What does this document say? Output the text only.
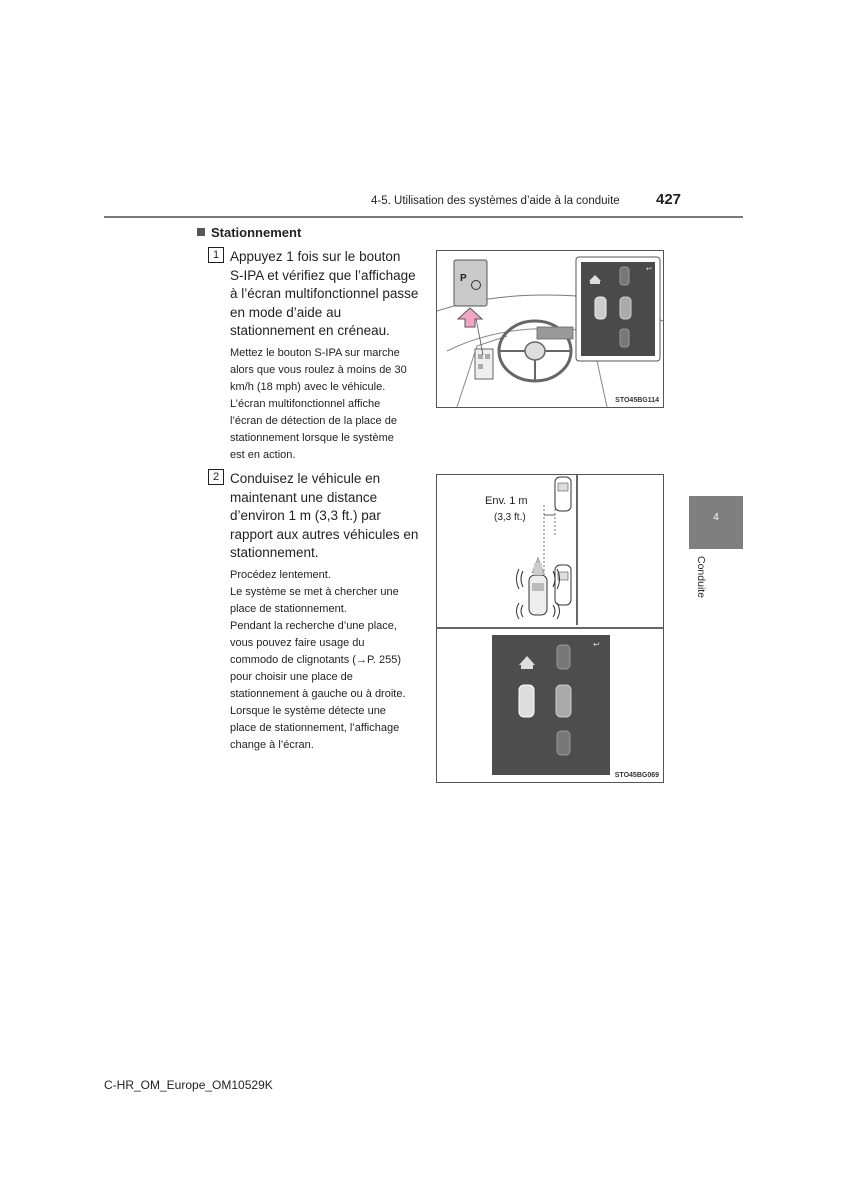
4-5. Utilisation des systèmes d’aide à la conduite 427
4
Conduite
Stationnement
1 Appuyez 1 fois sur le bouton
S-IPA et vérifiez que l’affichage
à l’écran multifonctionnel passe
en mode d’aide au
stationnement en créneau.
Mettez le bouton S-IPA sur marche
alors que vous roulez à moins de 30
km/h (18 mph) avec le véhicule.
L’écran multifonctionnel affiche
l’écran de détection de la place de
stationnement lorsque le système
est en action.
2 Conduisez le véhicule en
maintenant une distance
d’environ 1 m (3,3 ft.) par
rapport aux autres véhicules en
stationnement.
Procédez lentement.
Le système se met à chercher une
place de stationnement.
Pendant la recherche d’une place,
vous pouvez faire usage du
commodo de clignotants (→P. 255)
pour choisir une place de
stationnement à gauche ou à droite.
Lorsque le système détecte une
place de stationnement, l’affichage
change à l’écran.
↩
P
STO45BG114
↩
Env. 1 m
(3,3 ft.)
STO45BG069
C-HR_OM_Europe_OM10529K
